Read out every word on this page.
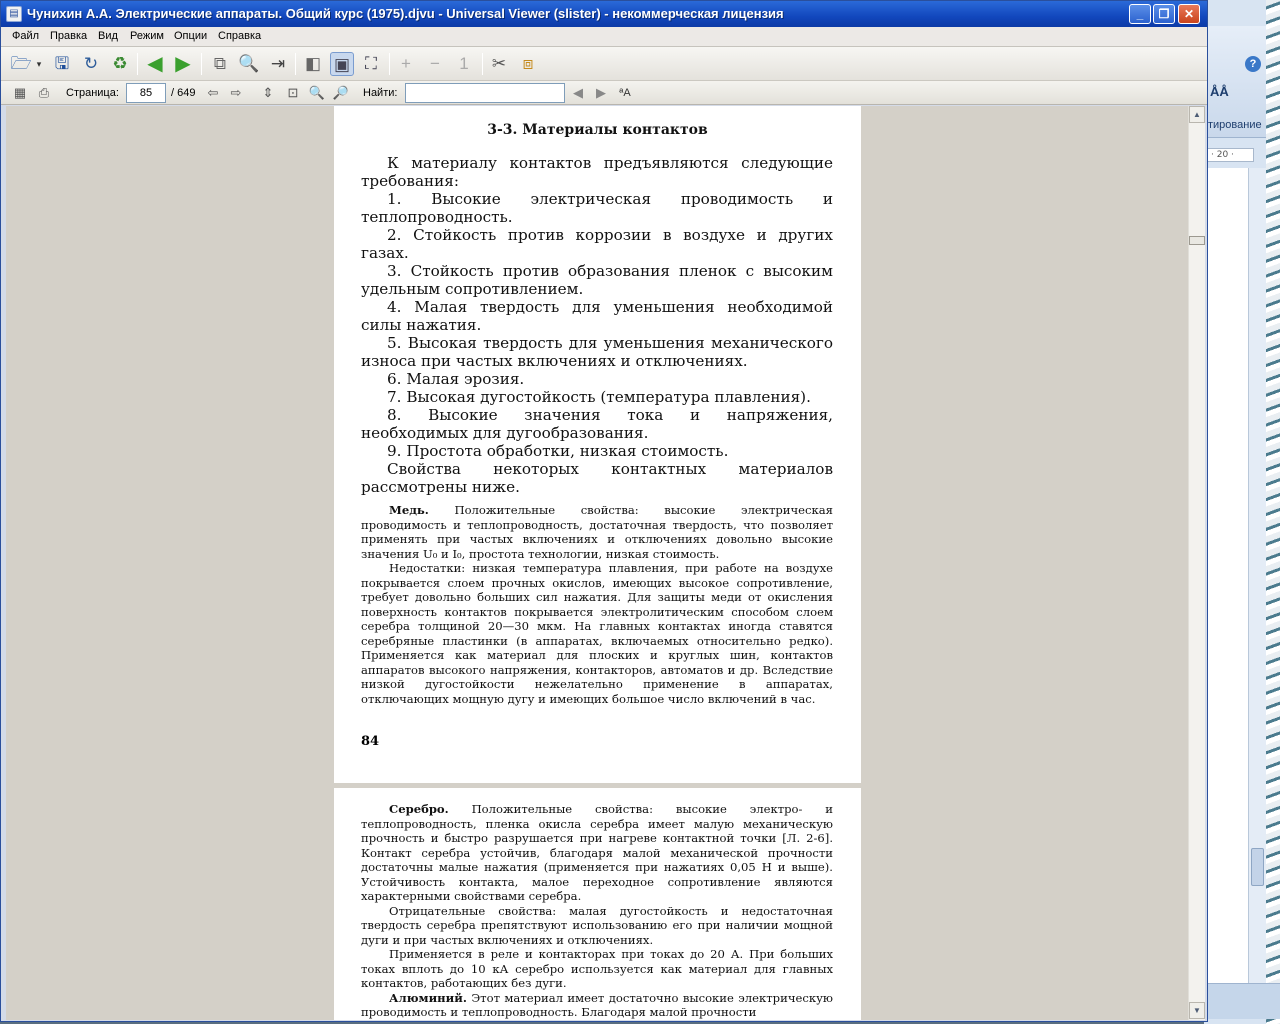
ÅÅ
?
тирование
· 20 ·
▤ Чунихин А.А. Электрические аппараты. Общий курс (1975).djvu - Universal Viewer (slister) - некоммерческая лицензия	_	❐	✕
Файл Правка Вид Режим Опции Справка
🗁 ▾ 🖫 ↻ ♻ ◀ ▶	⧉ 🔍 ⇥ ◧ ▣ ⛶	+	−	1	✂ ⧈
▦ ⎙	Страница:	85	/ 649 ⇦ ⇨ ⇕ ⊡ 🔍 🔎 Найти:	◀	▶	ªA
3-3. Материалы контактов

К материалу контактов предъявляются следующие требования:

1. Высокие электрическая проводимость и теплопроводность.

2. Стойкость против коррозии в воздухе и других газах.

3. Стойкость против образования пленок с высоким удельным сопротивлением.

4. Малая твердость для уменьшения необходимой силы нажатия.

5. Высокая твердость для уменьшения механического износа при частых включениях и отключениях.

6. Малая эрозия.

7. Высокая дугостойкость (температура плавления).

8. Высокие значения тока и напряжения, необходимых для дугообразования.

9. Простота обработки, низкая стоимость.

Свойства некоторых контактных материалов рассмотрены ниже.

Медь. Положительные свойства: высокие электрическая проводимость и теплопроводность, достаточная твердость, что позволяет применять при частых включениях и отключениях довольно высокие значения U₀ и I₀, простота технологии, низкая стоимость.

Недостатки: низкая температура плавления, при работе на воздухе покрывается слоем прочных окислов, имеющих высокое сопротивление, требует довольно больших сил нажатия. Для защиты меди от окисления поверхность контактов покрывается электролитическим способом слоем серебра толщиной 20—30 мкм. На главных контактах иногда ставятся серебряные пластинки (в аппаратах, включаемых относительно редко). Применяется как материал для плоских и круглых шин, контактов аппаратов высокого напряжения, контакторов, автоматов и др. Вследствие низкой дугостойкости нежелательно применение в аппаратах, отключающих мощную дугу и имеющих большое число включений в час.

84

Серебро. Положительные свойства: высокие электро- и теплопроводность, пленка окисла серебра имеет малую механическую прочность и быстро разрушается при нагреве контактной точки [Л. 2-6]. Контакт серебра устойчив, благодаря малой механической прочности достаточны малые нажатия (применяется при нажатиях 0,05 Н и выше). Устойчивость контакта, малое переходное сопротивление являются характерными свойствами серебра.

Отрицательные свойства: малая дугостойкость и недостаточная твердость серебра препятствуют использованию его при наличии мощной дуги и при частых включениях и отключениях.

Применяется в реле и контакторах при токах до 20 А. При больших токах вплоть до 10 кА серебро используется как материал для главных контактов, работающих без дуги.

Алюминий. Этот материал имеет достаточно высокие электрическую проводимость и теплопроводность. Благодаря малой прочности

▲
▼
